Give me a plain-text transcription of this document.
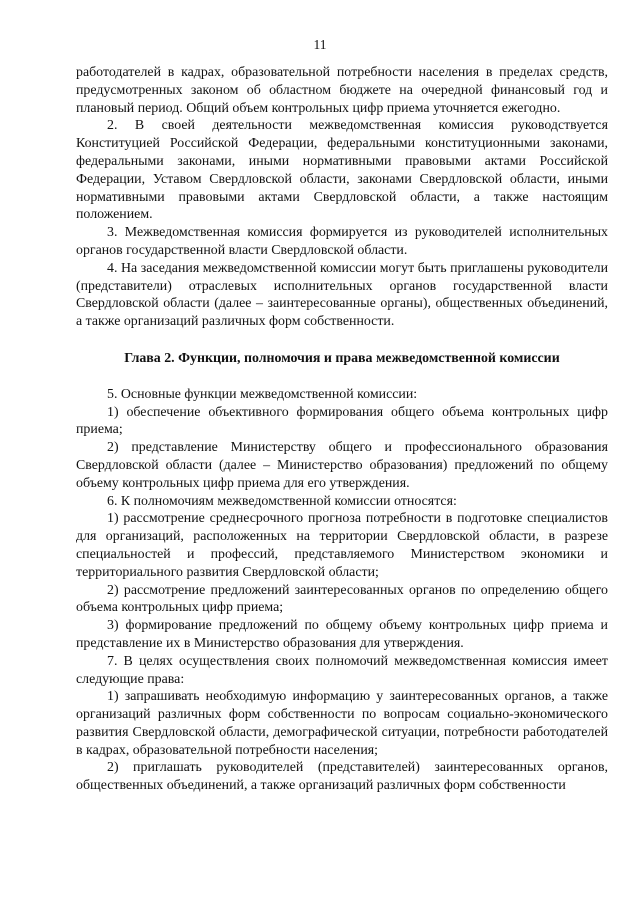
11

работодателей в кадрах, образовательной потребности населения в пределах средств, предусмотренных законом об областном бюджете на очередной финансовый год и плановый период. Общий объем контрольных цифр приема уточняется ежегодно.

2. В своей деятельности межведомственная комиссия руководствуется Конституцией Российской Федерации, федеральными конституционными законами, федеральными законами, иными нормативными правовыми актами Российской Федерации, Уставом Свердловской области, законами Свердловской области, иными нормативными правовыми актами Свердловской области, а также настоящим положением.

3. Межведомственная комиссия формируется из руководителей исполнительных органов государственной власти Свердловской области.

4. На заседания межведомственной комиссии могут быть приглашены руководители (представители) отраслевых исполнительных органов государственной власти Свердловской области (далее – заинтересованные органы), общественных объединений, а также организаций различных форм собственности.

Глава 2. Функции, полномочия и права межведомственной комиссии

5. Основные функции межведомственной комиссии:

1) обеспечение объективного формирования общего объема контрольных цифр приема;

2) представление Министерству общего и профессионального образования Свердловской области (далее – Министерство образования) предложений по общему объему контрольных цифр приема для его утверждения.

6. К полномочиям межведомственной комиссии относятся:

1) рассмотрение среднесрочного прогноза потребности в подготовке специалистов для организаций, расположенных на территории Свердловской области, в разрезе специальностей и профессий, представляемого Министерством экономики и территориального развития Свердловской области;

2) рассмотрение предложений заинтересованных органов по определению общего объема контрольных цифр приема;

3) формирование предложений по общему объему контрольных цифр приема и представление их в Министерство образования для утверждения.

7. В целях осуществления своих полномочий межведомственная комиссия имеет следующие права:

1) запрашивать необходимую информацию у заинтересованных органов, а также организаций различных форм собственности по вопросам социально-экономического развития Свердловской области, демографической ситуации, потребности работодателей в кадрах, образовательной потребности населения;

2) приглашать руководителей (представителей) заинтересованных органов, общественных объединений, а также организаций различных форм собственности
